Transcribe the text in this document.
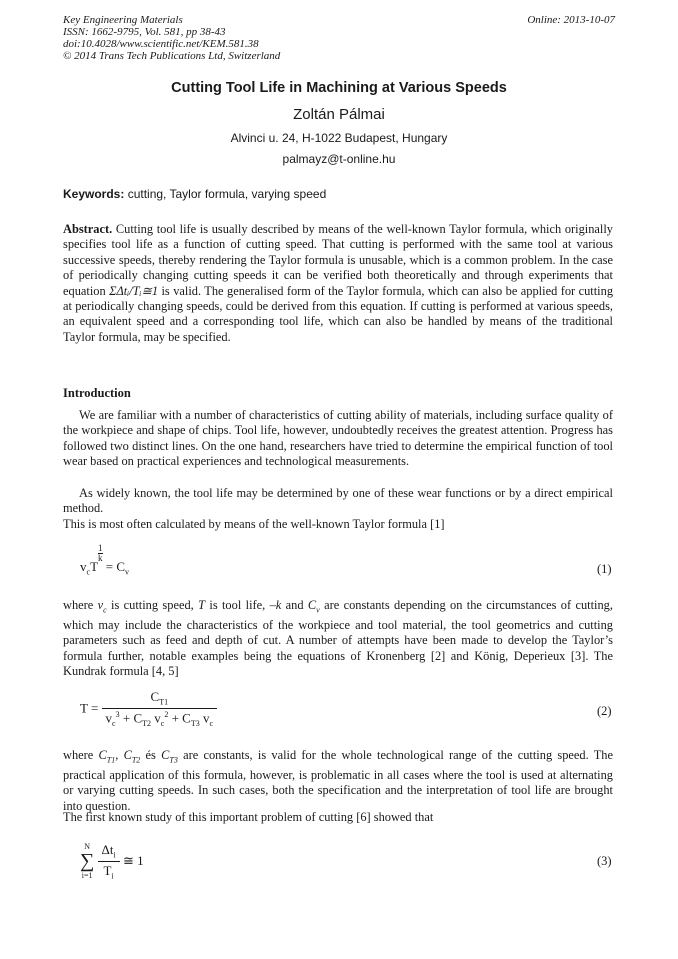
Key Engineering Materials
ISSN: 1662-9795, Vol. 581, pp 38-43
doi:10.4028/www.scientific.net/KEM.581.38
© 2014 Trans Tech Publications Ltd, Switzerland
Online: 2013-10-07
Cutting Tool Life in Machining at Various Speeds
Zoltán Pálmai
Alvinci u. 24, H-1022 Budapest, Hungary
palmayz@t-online.hu
Keywords: cutting, Taylor formula, varying speed
Abstract. Cutting tool life is usually described by means of the well-known Taylor formula, which originally specifies tool life as a function of cutting speed. That cutting is performed with the same tool at various successive speeds, thereby rendering the Taylor formula is unusable, which is a common problem. In the case of periodically changing cutting speeds it can be verified both theoretically and through experiments that equation ΣΔtᵢ/Tᵢ≅1 is valid. The generalised form of the Taylor formula, which can also be applied for cutting at periodically changing speeds, could be derived from this equation. If cutting is performed at various speeds, an equivalent speed and a corresponding tool life, which can also be handled by means of the traditional Taylor formula, may be specified.
Introduction
We are familiar with a number of characteristics of cutting ability of materials, including surface quality of the workpiece and shape of chips. Tool life, however, undoubtedly receives the greatest attention. Progress has followed two distinct lines. On the one hand, researchers have tried to determine the empirical function of tool wear based on practical experiences and technological measurements.
As widely known, the tool life may be determined by one of these wear functions or by a direct empirical method.
This is most often calculated by means of the well-known Taylor formula [1]
$v_cT$
$\frac{1}{k}$
= $C_v$	(1)
where $v_c$ is cutting speed, T is tool life, –k and $C_v$ are constants depending on the circumstances of cutting, which may include the characteristics of the workpiece and tool material, the tool geometrics and cutting parameters such as feed and depth of cut. A number of attempts have been made to develop the Taylor’s formula further, notable examples being the equations of Kronenberg [2] and König, Deperieux [3]. The Kundrak formula [4, 5]
$T = \frac{C_{T1}}{v_c^3 + C_{T2} v_c^2 + C_{T3} v_c}$	(2)
where $C_{T1}$, $C_{T2}$ és $C_{T3}$ are constants, is valid for the whole technological range of the cutting speed. The practical application of this formula, however, is problematic in all cases where the tool is used at alternating or varying cutting speeds. In such cases, both the specification and the interpretation of tool life are brought into question.
The first known study of this important problem of cutting [6] showed that
N
∑
i=1
$\frac{\Delta t_i}{T_i}$ ≅ 1	(3)
